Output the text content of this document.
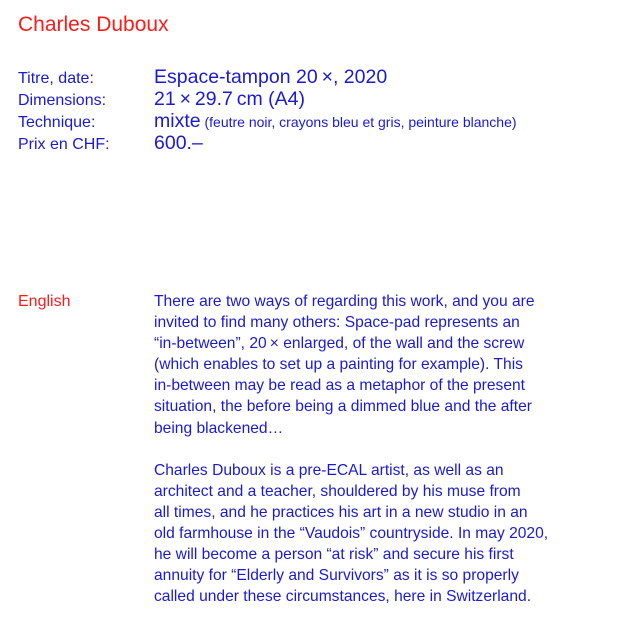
Charles Duboux
Titre, date:	Espace-tampon 20 ×, 2020
Dimensions:	21 × 29.7 cm (A4)
Technique:	mixte (feutre noir, crayons bleu et gris, peinture blanche)
Prix en CHF:	600.–
English	There are two ways of regarding this work, and you are
invited to find many others: Space-pad represents an
“in-between”, 20 × enlarged, of the wall and the screw
(which enables to set up a painting for example). This
in-between may be read as a metaphor of the present
situation, the before being a dimmed blue and the after
being blackened…
Charles Duboux is a pre-ECAL artist, as well as an
architect and a teacher, shouldered by his muse from
all times, and he practices his art in a new studio in an
old farmhouse in the “Vaudois” countryside. In may 2020,
he will become a person “at risk” and secure his first
annuity for “Elderly and Survivors” as it is so properly
called under these circumstances, here in Switzerland.
